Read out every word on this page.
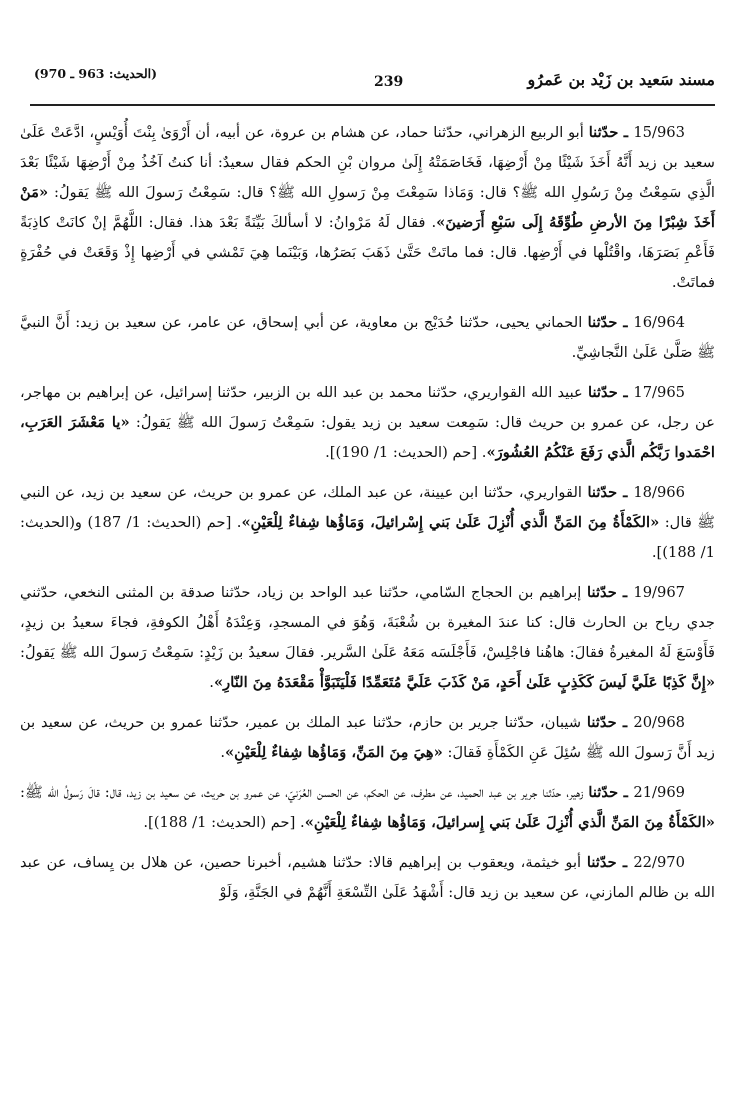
مسند سَعيد بن زَيْد بن عَمرُو
239
(الحديث: 963 ـ 970)

15/963 ـ حدّثنا أبو الربيع الزهراني، حدّثنا حماد، عن هشام بن عروة، عن أبيه، أن أَرْوَىٰ بِنْتَ أُوَيْسٍ، ادَّعَتْ عَلَىٰ سعيد بن زيد أَنَّهُ أَخَذَ شَيْئًا مِنْ أَرْضِهَا، فَخَاصَمَتْهُ إِلَىٰ مروان بْنِ الحكم فقال سعيدٌ: أنا كنتُ آخُذُ مِنْ أَرْضِهَا شَيْئًا بَعْدَ الَّذِي سَمِعْتُ مِنْ رَسُولِ الله ﷺ؟ قال: وَمَاذا سَمِعْتَ مِنْ رَسولِ الله ﷺ؟ قال: سَمِعْتُ رَسولَ الله ﷺ يَقولُ: «مَنْ أَخَذَ شِبْرًا مِنَ الأرضِ طُوِّقَهُ إِلَى سَبْعِ أَرَضينَ». فقال لَهُ مَرْوانُ: لا أسألكَ بَيِّنَةً بَعْدَ هذا. فقال: اللَّهُمَّ إنْ كانَتْ كاذِبَةً فَأَعْمِ بَصَرَهَا، واقْتُلْها في أَرْضِها. قال: فما ماتَتْ حَتَّىٰ ذَهَبَ بَصَرُها، وَبَيْنَما هِيَ تَمْشي في أَرْضِها إِذْ وَقَعَتْ في حُفْرَةٍ فماتَتْ.

16/964 ـ حدّثنا الحماني يحيى، حدّثنا حُدَيْج بن معاوية، عن أبي إسحاق، عن عامر، عن سعيد بن زيد: أَنَّ النبيَّ ﷺ صَلَّىٰ عَلَىٰ النَّجاشِيِّ.

17/965 ـ حدّثنا عبيد الله القواريري، حدّثنا محمد بن عبد الله بن الزبير، حدّثنا إسرائيل، عن إبراهيم بن مهاجر، عن رجل، عن عمرو بن حريث قال: سَمِعت سعيد بن زيد يقول: سَمِعْتُ رَسولَ الله ﷺ يَقولُ: «يا مَعْشَرَ العَرَبِ، احْمَدوا رَبَّكُم الَّذي رَفَعَ عَنْكُمُ العُشُورَ». [حم (الحديث: 1/ 190)].

18/966 ـ حدّثنا القواريري، حدّثنا ابن عيينة، عن عبد الملك، عن عمرو بن حريث، عن سعيد بن زيد، عن النبي ﷺ قال: «الكَمْأَةُ مِنَ المَنِّ الَّذي أُنْزِلَ عَلَىٰ بَني إِسْرائيلَ، وَمَاؤُها شِفاءٌ لِلْعَيْنِ». [حم (الحديث: 1/ 187) و(الحديث: 1/ 188)].

19/967 ـ حدّثنا إبراهيم بن الحجاج السّامي، حدّثنا عبد الواحد بن زياد، حدّثنا صدقة بن المثنى النخعي، حدّثني جدي رياح بن الحارث قال: كنا عندَ المغيرة بن شُعْبَةَ، وَهُوَ في المسجدِ، وَعِنْدَهُ أَهْلُ الكوفةِ، فجاءَ سعيدُ بن زيدٍ، فَأَوْسَعَ لَهُ المغيرةُ فقالَ: هاهُنا فاجْلِسْ، فَأَجْلَسَه مَعَهُ عَلَىٰ السَّرير. فقالَ سعيدُ بن زَيْدٍ: سَمِعْتُ رَسولَ الله ﷺ يَقولُ: «إِنَّ كَذِبًا عَلَيَّ لَيسَ كَكَذِبٍ عَلَىٰ أَحَدٍ، مَنْ كَذَبَ عَلَيَّ مُتَعَمِّدًا فَلْيَتَبَوَّأْ مَقْعَدَهُ مِنَ النّارِ».

20/968 ـ حدّثنا شيبان، حدّثنا جرير بن حازم، حدّثنا عبد الملك بن عمير، حدّثنا عمرو بن حريث، عن سعيد بن زيد أَنَّ رَسولَ الله ﷺ سُئِلَ عَنِ الكَمْأَةِ فَقالَ: «هِيَ مِنَ المَنِّ، وَمَاؤُها شِفاءٌ لِلْعَيْنِ».

21/969 ـ حدّثنا زهير، حدّثنا جرير بن عبد الحميد، عن مطرف، عن الحكم، عن الحسن العُرَنيّ، عن عمرو بن حريث، عن سعيد بن زيد، قال: قالَ رَسولُ الله ﷺ: «الكَمْأَةُ مِنَ المَنِّ الَّذي أُنْزِلَ عَلَىٰ بَني إِسرائيلَ، وَمَاؤُها شِفاءٌ لِلْعَيْنِ». [حم (الحديث: 1/ 188)].

22/970 ـ حدّثنا أبو خيثمة، ويعقوب بن إبراهيم قالا: حدّثنا هشيم، أخبرنا حصين، عن هلال بن يِساف، عن عبد الله بن ظالم المازني، عن سعيد بن زيد قال: أَشْهَدُ عَلَىٰ التِّسْعَةِ أَنَّهُمْ في الجَنَّةِ، وَلَوْ
